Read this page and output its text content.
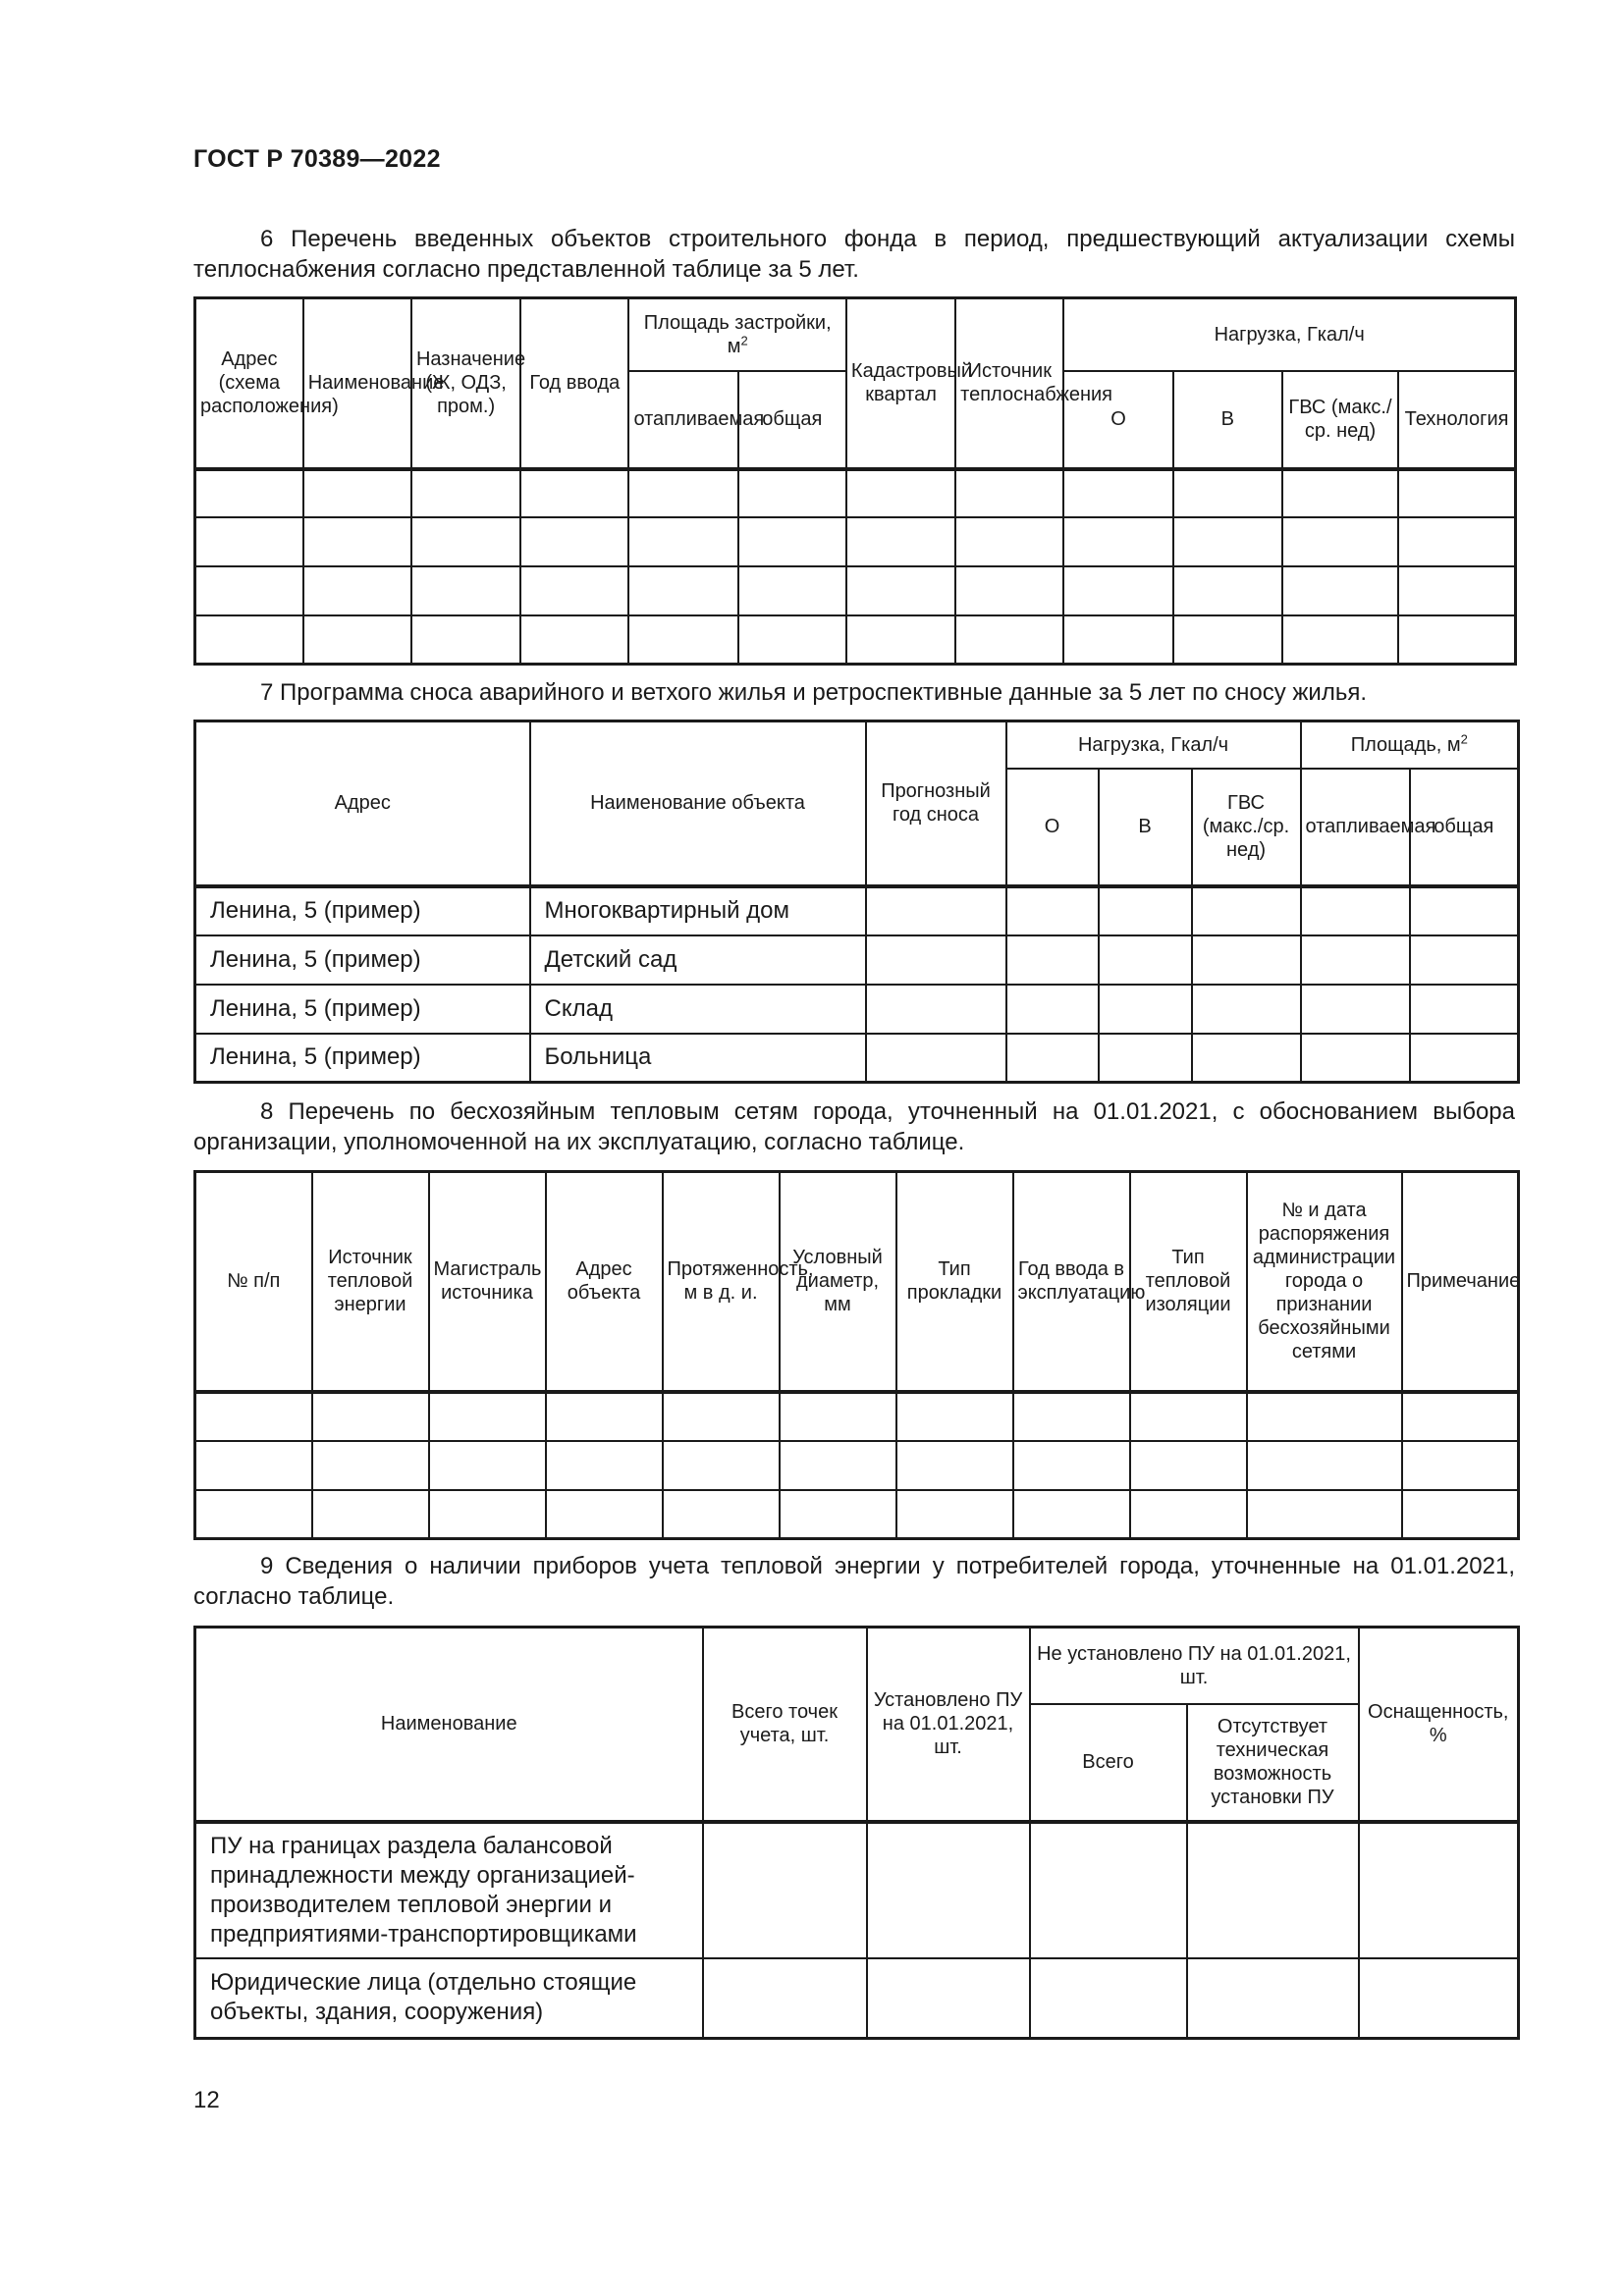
ГОСТ Р 70389—2022
6 Перечень введенных объектов строительного фонда в период, предшествующий актуализации схемы теплоснабжения согласно представленной таблице за 5 лет.
Адрес (схема расположения)	Наименование	Назначение (Ж, ОДЗ, пром.)	Год ввода	Площадь застройки, $м^2$		Кадастровый квартал	Источник теплоснабжения	Нагрузка, Гкал/ч			
				отапливаемая	общая			О	В	ГВС (макс./ср. нед)	Технология

7 Программа сноса аварийного и ветхого жилья и ретроспективные данные за 5 лет по сносу жилья.
Адрес	Наименование объекта	Прогнозный год сноса	Нагрузка, Гкал/ч			Площадь, $м^2$
			О	В	ГВС (макс./ср. нед)	отапливаемая	общая
Ленина, 5 (пример)	Многоквартирный дом						
Ленина, 5 (пример)	Детский сад						
Ленина, 5 (пример)	Склад						
Ленина, 5 (пример)	Больница						
8 Перечень по бесхозяйным тепловым сетям города, уточненный на 01.01.2021, с обоснованием выбора организации, уполномоченной на их эксплуатацию, согласно таблице.
№ п/п	Источник тепловой энергии	Магистраль источника	Адрес объекта	Протяженность, м в д. и.	Условный диаметр, мм	Тип прокладки	Год ввода в эксплуатацию	Тип тепловой изоляции	№ и дата распоряжения администрации города о признании бесхозяйными сетями	Примечание

9 Сведения о наличии приборов учета тепловой энергии у потребителей города, уточненные на 01.01.2021, согласно таблице.
Наименование	Всего точек учета, шт.	Установлено ПУ на 01.01.2021, шт.	Не установлено ПУ на 01.01.2021, шт.		Оснащенность, %
			Всего	Отсутствует техническая возможность установки ПУ	
ПУ на границах раздела балансовой принадлежности между организацией-производителем тепловой энергии и предприятиями-транспортировщиками					
Юридические лица (отдельно стоящие объекты, здания, сооружения)					
12
